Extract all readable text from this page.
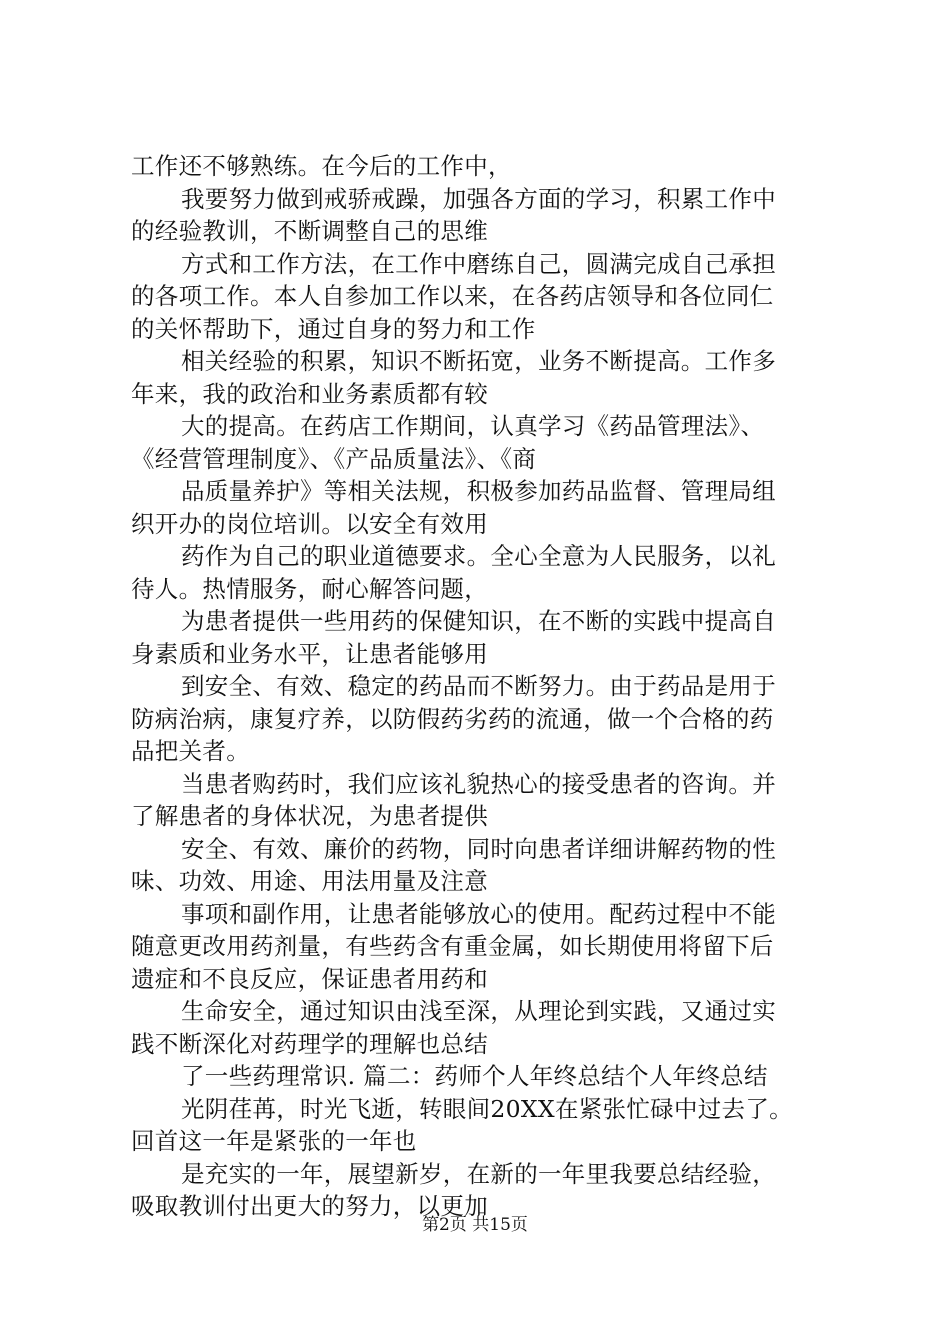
工作还不够熟练。在今后的工作中，
我要努力做到戒骄戒躁，加强各方面的学习，积累工作中
的经验教训，不断调整自己的思维
方式和工作方法，在工作中磨练自己，圆满完成自己承担
的各项工作。本人自参加工作以来，在各药店领导和各位同仁
的关怀帮助下，通过自身的努力和工作
相关经验的积累，知识不断拓宽，业务不断提高。工作多
年来，我的政治和业务素质都有较
大的提高。在药店工作期间，认真学习《药品管理法》、
《经营管理制度》、《产品质量法》、《商
品质量养护》等相关法规，积极参加药品监督、管理局组
织开办的岗位培训。以安全有效用
药作为自己的职业道德要求。全心全意为人民服务，以礼
待人。热情服务，耐心解答问题，
为患者提供一些用药的保健知识，在不断的实践中提高自
身素质和业务水平，让患者能够用
到安全、有效、稳定的药品而不断努力。由于药品是用于
防病治病，康复疗养，以防假药劣药的流通，做一个合格的药
品把关者。
当患者购药时，我们应该礼貌热心的接受患者的咨询。并
了解患者的身体状况，为患者提供
安全、有效、廉价的药物，同时向患者详细讲解药物的性
味、功效、用途、用法用量及注意
事项和副作用，让患者能够放心的使用。配药过程中不能
随意更改用药剂量，有些药含有重金属，如长期使用将留下后
遗症和不良反应，保证患者用药和
生命安全，通过知识由浅至深，从理论到实践，又通过实
践不断深化对药理学的理解也总结
了一些药理常识. 篇二：药师个人年终总结个人年终总结
光阴荏苒，时光飞逝，转眼间20XX在紧张忙碌中过去了。
回首这一年是紧张的一年也
是充实的一年，展望新岁，在新的一年里我要总结经验，
吸取教训付出更大的努力，以更加
第2页 共15页
